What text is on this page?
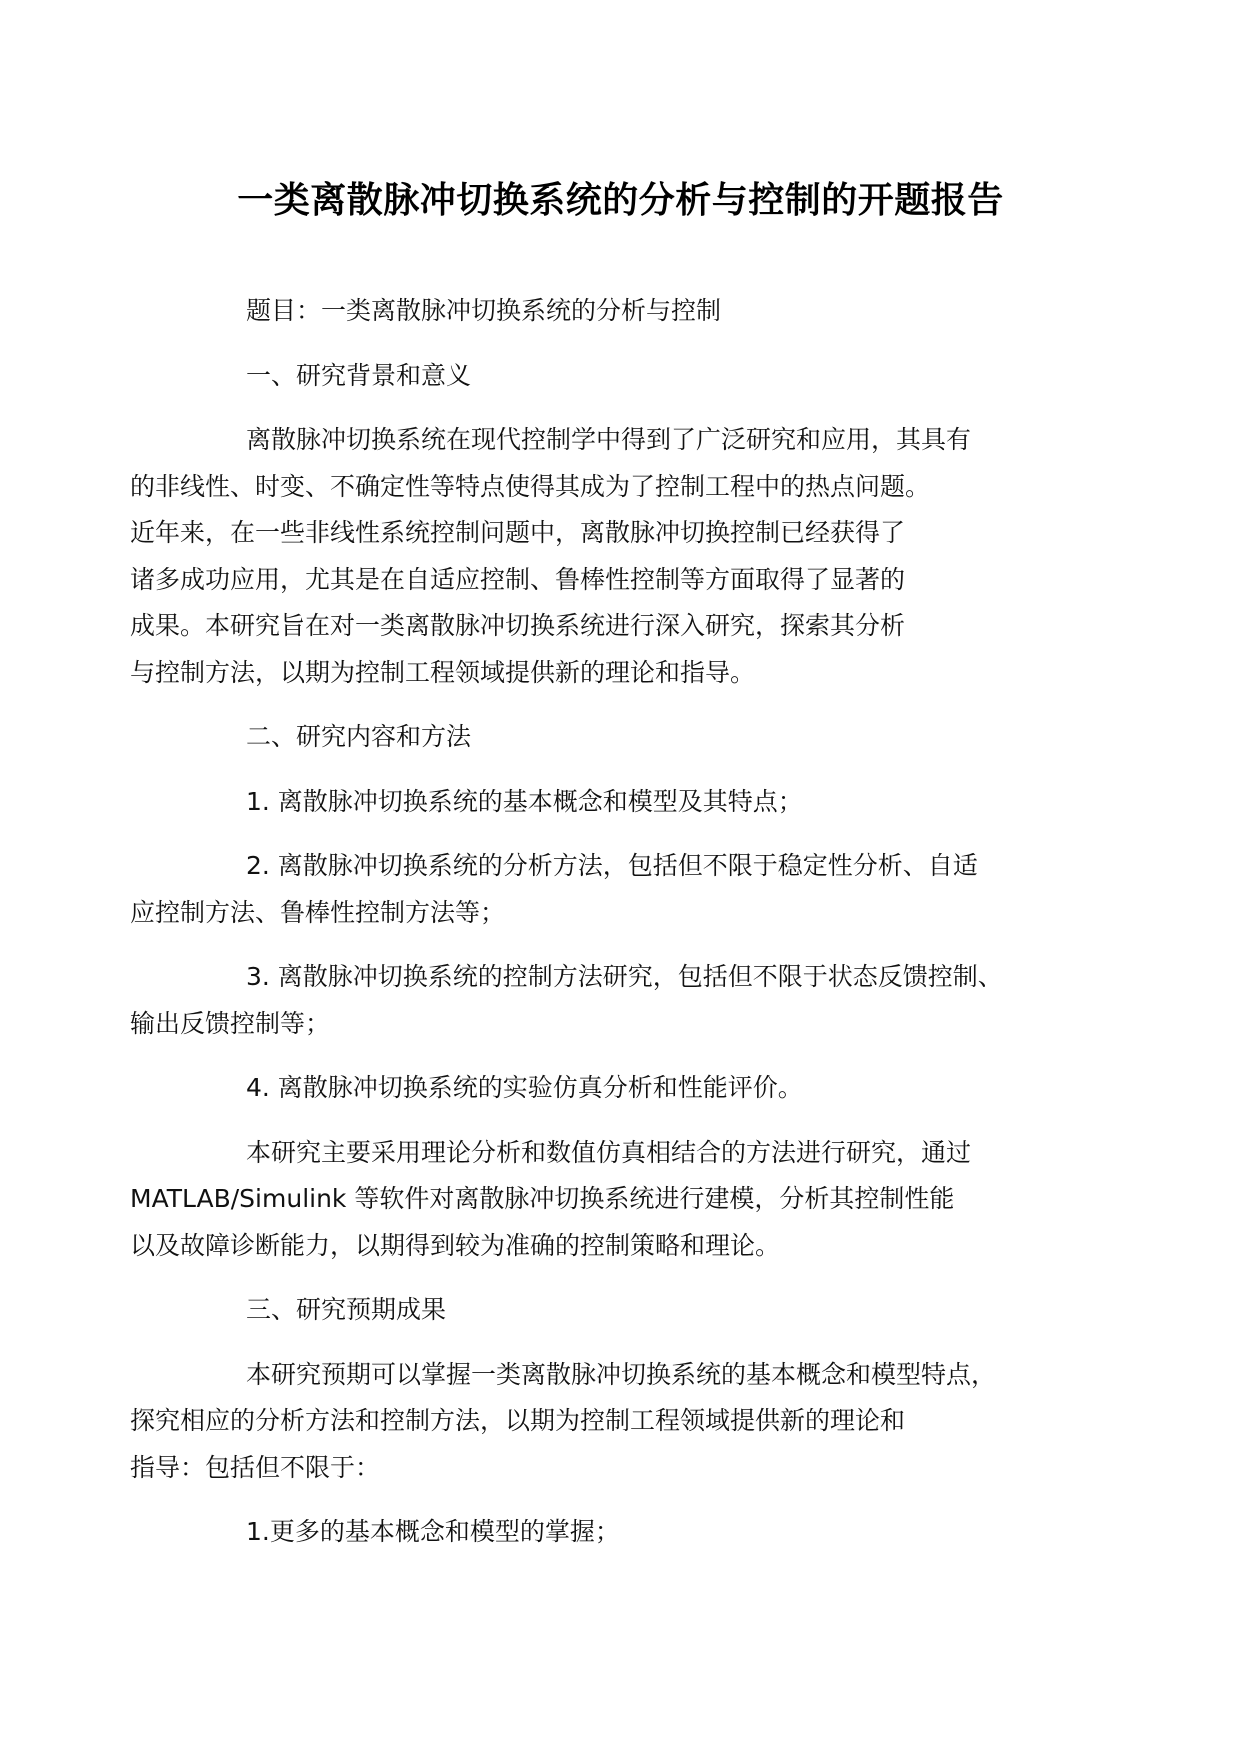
一类离散脉冲切换系统的分析与控制的开题报告

题目：一类离散脉冲切换系统的分析与控制

一、研究背景和意义

离散脉冲切换系统在现代控制学中得到了广泛研究和应用，其具有
的非线性、时变、不确定性等特点使得其成为了控制工程中的热点问题。
近年来，在一些非线性系统控制问题中，离散脉冲切换控制已经获得了
诸多成功应用，尤其是在自适应控制、鲁棒性控制等方面取得了显著的
成果。本研究旨在对一类离散脉冲切换系统进行深入研究，探索其分析
与控制方法，以期为控制工程领域提供新的理论和指导。

二、研究内容和方法

1. 离散脉冲切换系统的基本概念和模型及其特点；

2. 离散脉冲切换系统的分析方法，包括但不限于稳定性分析、自适
应控制方法、鲁棒性控制方法等；

3. 离散脉冲切换系统的控制方法研究，包括但不限于状态反馈控制、
输出反馈控制等；

4. 离散脉冲切换系统的实验仿真分析和性能评价。

本研究主要采用理论分析和数值仿真相结合的方法进行研究，通过
MATLAB/Simulink 等软件对离散脉冲切换系统进行建模，分析其控制性能
以及故障诊断能力，以期得到较为准确的控制策略和理论。

三、研究预期成果

本研究预期可以掌握一类离散脉冲切换系统的基本概念和模型特点，
探究相应的分析方法和控制方法，以期为控制工程领域提供新的理论和
指导：包括但不限于：

1.更多的基本概念和模型的掌握；
